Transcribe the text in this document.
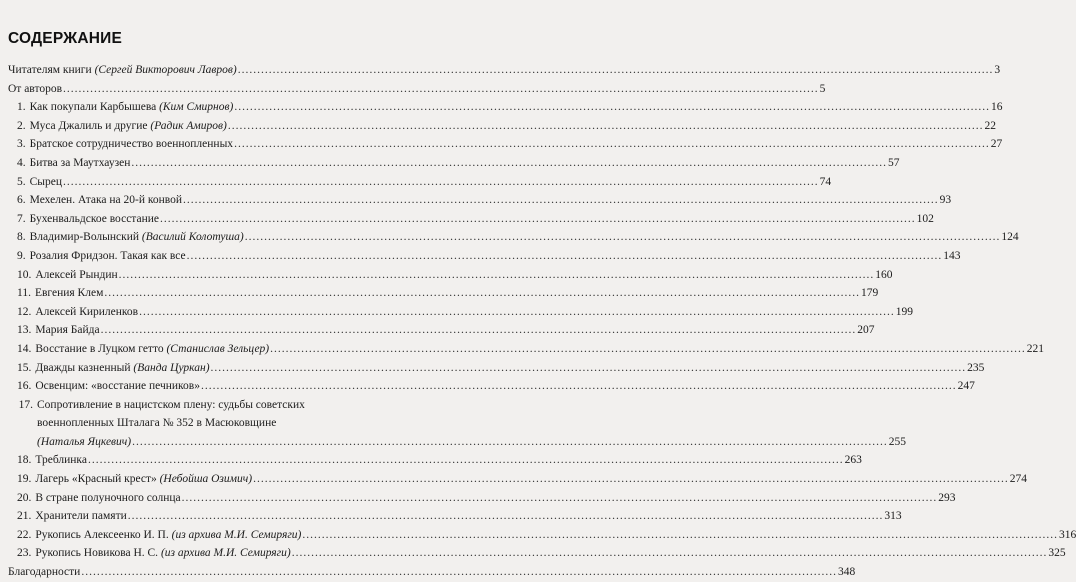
СОДЕРЖАНИЕ
Читателям книги (Сергей Викторович Лавров) .....	3
От авторов .....	5
1. Как покупали Карбышева (Ким Смирнов) .....	16
2. Муса Джалиль и другие (Радик Амиров) .....	22
3. Братское сотрудничество военнопленных .....	27
4. Битва за Маутхаузен .....	57
5. Сырец .....	74
6. Мехелен. Атака на 20-й конвой .....	93
7. Бухенвальдское восстание .....	102
8. Владимир-Волынский (Василий Колотуша) .....	124
9. Розалия Фридзон. Такая как все .....	143
10. Алексей Рындин .....	160
11. Евгения Клем .....	179
12. Алексей Кириленков .....	199
13. Мария Байда .....	207
14. Восстание в Луцком гетто (Станислав Зельцер) .....	221
15. Дважды казненный (Ванда Цуркан) .....	235
16. Освенцим: «восстание печников» .....	247
17. Сопротивление в нацистском плену: судьбы советских
военнопленных Шталага № 352 в Масюковщине
(Наталья Яцкевич) .....	255
18. Треблинка .....	263
19. Лагерь «Красный крест» (Небойша Озимич) .....	274
20. В стране полуночного солнца .....	293
21. Хранители памяти .....	313
22. Рукопись Алексеенко И. П. (из архива М.И. Семиряги) .....	316
23. Рукопись Новикова Н. С. (из архива М.И. Семиряги) .....	325
Благодарности .....	348
